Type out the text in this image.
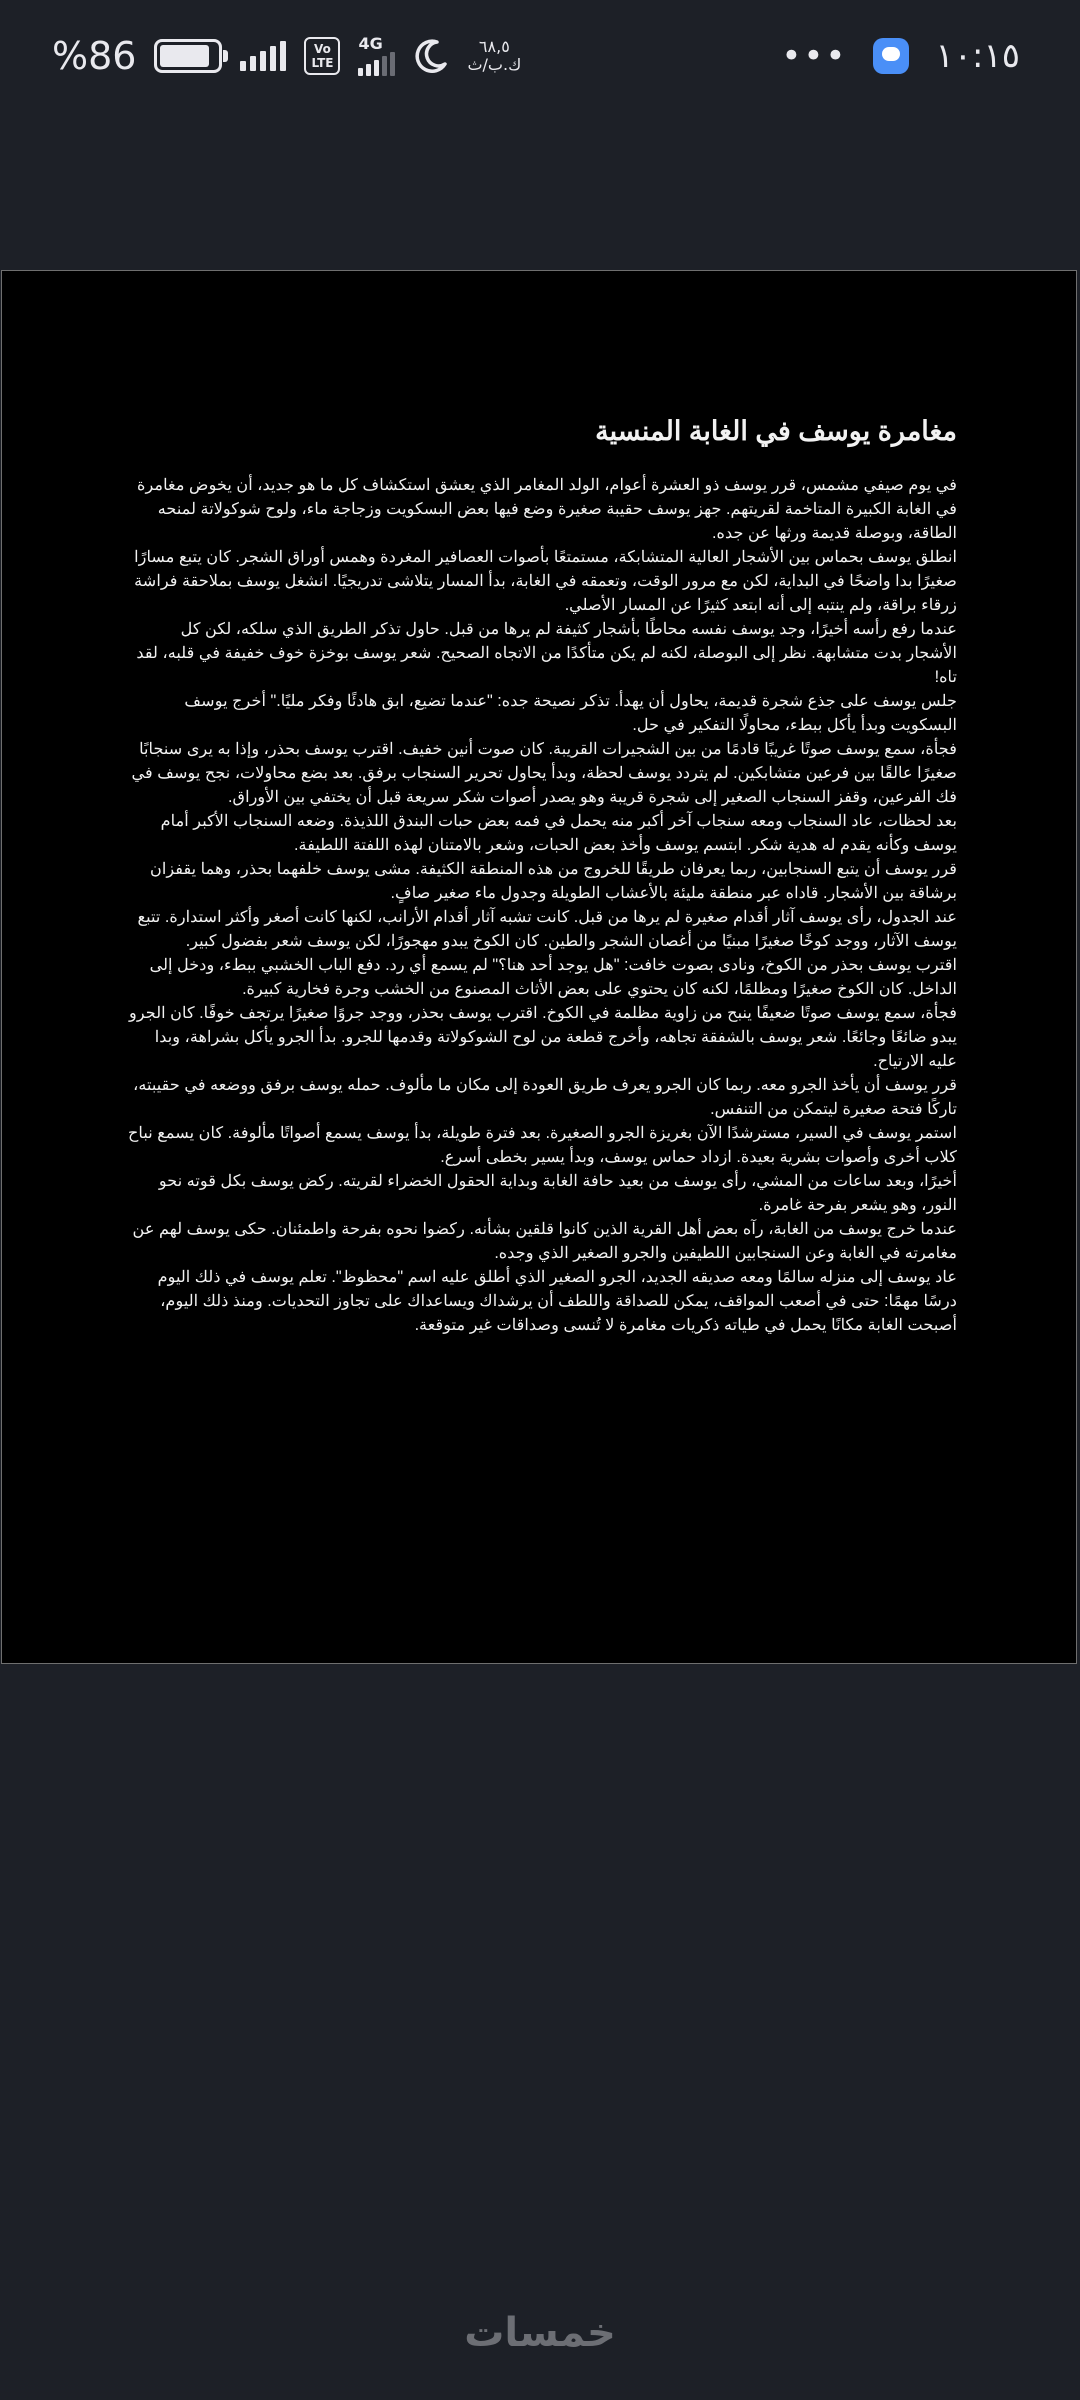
%86	Vo
LTE
4G	٦٨,٥
ك.ب/ث	•••	١٠:١٥
مغامرة يوسف في الغابة المنسية

في يوم صيفي مشمس، قرر يوسف ذو العشرة أعوام، الولد المغامر الذي يعشق استكشاف كل ما هو جديد، أن يخوض مغامرة في الغابة الكبيرة المتاخمة لقريتهم. جهز يوسف حقيبة صغيرة وضع فيها بعض البسكويت وزجاجة ماء، ولوح شوكولاتة لمنحه الطاقة، وبوصلة قديمة ورثها عن جده.

انطلق يوسف بحماس بين الأشجار العالية المتشابكة، مستمتعًا بأصوات العصافير المغردة وهمس أوراق الشجر. كان يتبع مسارًا صغيرًا بدا واضحًا في البداية، لكن مع مرور الوقت، وتعمقه في الغابة، بدأ المسار يتلاشى تدريجيًا. انشغل يوسف بملاحقة فراشة زرقاء براقة، ولم ينتبه إلى أنه ابتعد كثيرًا عن المسار الأصلي.

عندما رفع رأسه أخيرًا، وجد يوسف نفسه محاطًا بأشجار كثيفة لم يرها من قبل. حاول تذكر الطريق الذي سلكه، لكن كل الأشجار بدت متشابهة. نظر إلى البوصلة، لكنه لم يكن متأكدًا من الاتجاه الصحيح. شعر يوسف بوخزة خوف خفيفة في قلبه، لقد تاه!

جلس يوسف على جذع شجرة قديمة، يحاول أن يهدأ. تذكر نصيحة جده: "عندما تضيع، ابق هادئًا وفكر مليًا." أخرج يوسف البسكويت وبدأ يأكل ببطء، محاولًا التفكير في حل.

فجأة، سمع يوسف صوتًا غريبًا قادمًا من بين الشجيرات القريبة. كان صوت أنين خفيف. اقترب يوسف بحذر، وإذا به يرى سنجابًا صغيرًا عالقًا بين فرعين متشابكين. لم يتردد يوسف لحظة، وبدأ يحاول تحرير السنجاب برفق. بعد بضع محاولات، نجح يوسف في فك الفرعين، وقفز السنجاب الصغير إلى شجرة قريبة وهو يصدر أصوات شكر سريعة قبل أن يختفي بين الأوراق.

بعد لحظات، عاد السنجاب ومعه سنجاب آخر أكبر منه يحمل في فمه بعض حبات البندق اللذيذة. وضعه السنجاب الأكبر أمام يوسف وكأنه يقدم له هدية شكر. ابتسم يوسف وأخذ بعض الحبات، وشعر بالامتنان لهذه اللفتة اللطيفة.

قرر يوسف أن يتبع السنجابين، ربما يعرفان طريقًا للخروج من هذه المنطقة الكثيفة. مشى يوسف خلفهما بحذر، وهما يقفزان برشاقة بين الأشجار. قاداه عبر منطقة مليئة بالأعشاب الطويلة وجدول ماء صغير صافٍ.

عند الجدول، رأى يوسف آثار أقدام صغيرة لم يرها من قبل. كانت تشبه آثار أقدام الأرانب، لكنها كانت أصغر وأكثر استدارة. تتبع يوسف الآثار، ووجد كوخًا صغيرًا مبنيًا من أغصان الشجر والطين. كان الكوخ يبدو مهجورًا، لكن يوسف شعر بفضول كبير.

اقترب يوسف بحذر من الكوخ، ونادى بصوت خافت: "هل يوجد أحد هنا؟" لم يسمع أي رد. دفع الباب الخشبي ببطء، ودخل إلى الداخل. كان الكوخ صغيرًا ومظلمًا، لكنه كان يحتوي على بعض الأثاث المصنوع من الخشب وجرة فخارية كبيرة.

فجأة، سمع يوسف صوتًا ضعيفًا ينبح من زاوية مظلمة في الكوخ. اقترب يوسف بحذر، ووجد جروًا صغيرًا يرتجف خوفًا. كان الجرو يبدو ضائعًا وجائعًا. شعر يوسف بالشفقة تجاهه، وأخرج قطعة من لوح الشوكولاتة وقدمها للجرو. بدأ الجرو يأكل بشراهة، وبدا عليه الارتياح.

قرر يوسف أن يأخذ الجرو معه. ربما كان الجرو يعرف طريق العودة إلى مكان ما مألوف. حمله يوسف برفق ووضعه في حقيبته، تاركًا فتحة صغيرة ليتمكن من التنفس.

استمر يوسف في السير، مسترشدًا الآن بغريزة الجرو الصغيرة. بعد فترة طويلة، بدأ يوسف يسمع أصواتًا مألوفة. كان يسمع نباح كلاب أخرى وأصوات بشرية بعيدة. ازداد حماس يوسف، وبدأ يسير بخطى أسرع.

أخيرًا، وبعد ساعات من المشي، رأى يوسف من بعيد حافة الغابة وبداية الحقول الخضراء لقريته. ركض يوسف بكل قوته نحو النور، وهو يشعر بفرحة غامرة.

عندما خرج يوسف من الغابة، رآه بعض أهل القرية الذين كانوا قلقين بشأنه. ركضوا نحوه بفرحة واطمئنان. حكى يوسف لهم عن مغامرته في الغابة وعن السنجابين اللطيفين والجرو الصغير الذي وجده.

عاد يوسف إلى منزله سالمًا ومعه صديقه الجديد، الجرو الصغير الذي أطلق عليه اسم "محظوظ". تعلم يوسف في ذلك اليوم درسًا مهمًا: حتى في أصعب المواقف، يمكن للصداقة واللطف أن يرشداك ويساعداك على تجاوز التحديات. ومنذ ذلك اليوم، أصبحت الغابة مكانًا يحمل في طياته ذكريات مغامرة لا تُنسى وصداقات غير متوقعة.

خمسات
